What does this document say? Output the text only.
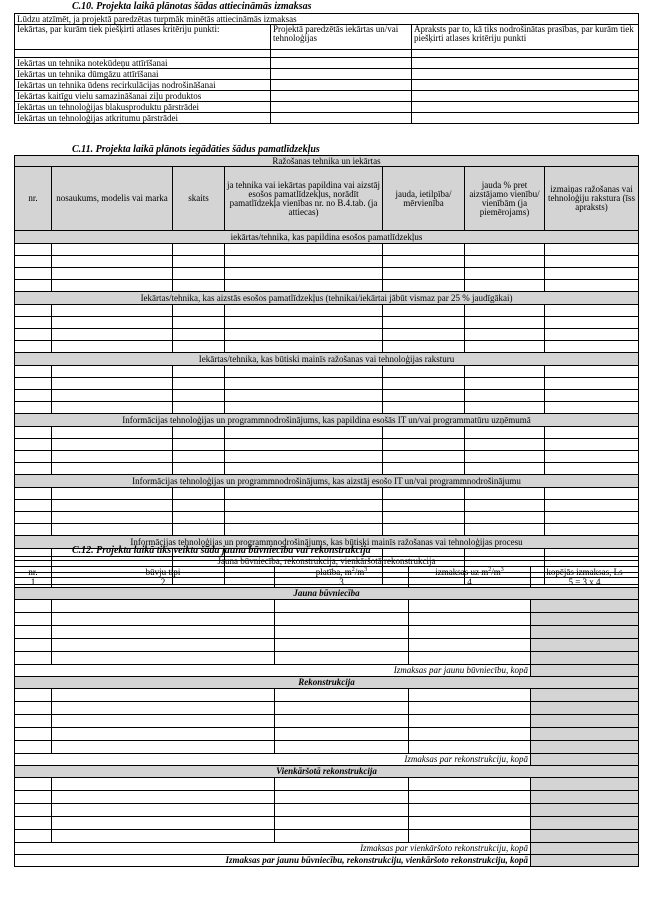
C.10. Projekta laikā plānotas šādas attiecināmās izmaksas
Lūdzu atzīmēt, ja projektā paredzētas turpmāk minētās attiecināmās izmaksas		
Iekārtas, par kurām tiek piešķirti atlases kritēriju punkti:	Projektā paredzētās iekārtas un/vai tehnoloģijas	Apraksts par to, kā tiks nodrošinātas prasības, par kurām tiek piešķirti atlases kritēriju punkti

Iekārtas un tehnika notekūdeņu attīrīšanai		
Iekārtas un tehnika dūmgāzu attīrīšanai		
Iekārtas un tehnika ūdens recirkulācijas nodrošināšanai		
Iekārtas kaitīgu vielu samazināšanai ziļu produktos		
Iekārtas un tehnoloģijas blakusproduktu pārstrādei		
Iekārtas un tehnoloģijas atkritumu pārstrādei		
C.11. Projekta laikā plānots iegādāties šādus pamatlīdzekļus
Ražošanas tehnika un iekārtas						
nr.	nosaukums, modelis vai marka	skaits	ja tehnika vai iekārtas papildina vai aizstāj esošos pamatlīdzekļus, norādīt pamatlīdzekļa vienības nr. no B.4.tab. (ja attiecas)	jauda, ietilpība/ mērvienība	jauda % pret aizstājamo vienību/ vienībām (ja piemērojams)	izmaiņas ražošanas vai tehnoloģiju rakstura (īss apraksts)
iekārtas/tehnika, kas papildina esošos pamatlīdzekļus						

Iekārtas/tehnika, kas aizstās esošos pamatlīdzekļus (tehnikai/iekārtai jābūt vismaz par 25 % jaudīgākai)						

Iekārtas/tehnika, kas būtiski mainīs ražošanas vai tehnoloģijas raksturu						

Informācijas tehnoloģijas un programmnodrošinājums, kas papildina esošās IT un/vai programmatūru uzņēmumā						

Informācijas tehnoloģijas un programmnodrošinājums, kas aizstāj esošo IT un/vai programmnodrošinājumu						

Informācijas tehnoloģijas un programmnodrošinājums, kas būtiski mainīs ražošanas vai tehnoloģijas procesu						

C.12. Projekta laikā tiks veikta šāda jauna būvniecība vai rekonstrukcija
Jauna būvniecība, rekonstrukcija, vienkāršotā rekonstrukcija				
nr.	būvju tipi	platība, $m^2/m^3$	izmaksas uz $m^2/m^3$	kopējās izmaksas, Ls
1	2	3	4	5 = 3 x 4
Jauna būvniecība				

Izmaksas par jaunu būvniecību, kopā				
Rekonstrukcija				

Izmaksas par rekonstrukciju, kopā				
Vienkāršotā rekonstrukcija				

Izmaksas par vienkāršoto rekonstrukciju, kopā				
Izmaksas par jaunu būvniecību, rekonstrukciju, vienkāršoto rekonstrukciju, kopā				
